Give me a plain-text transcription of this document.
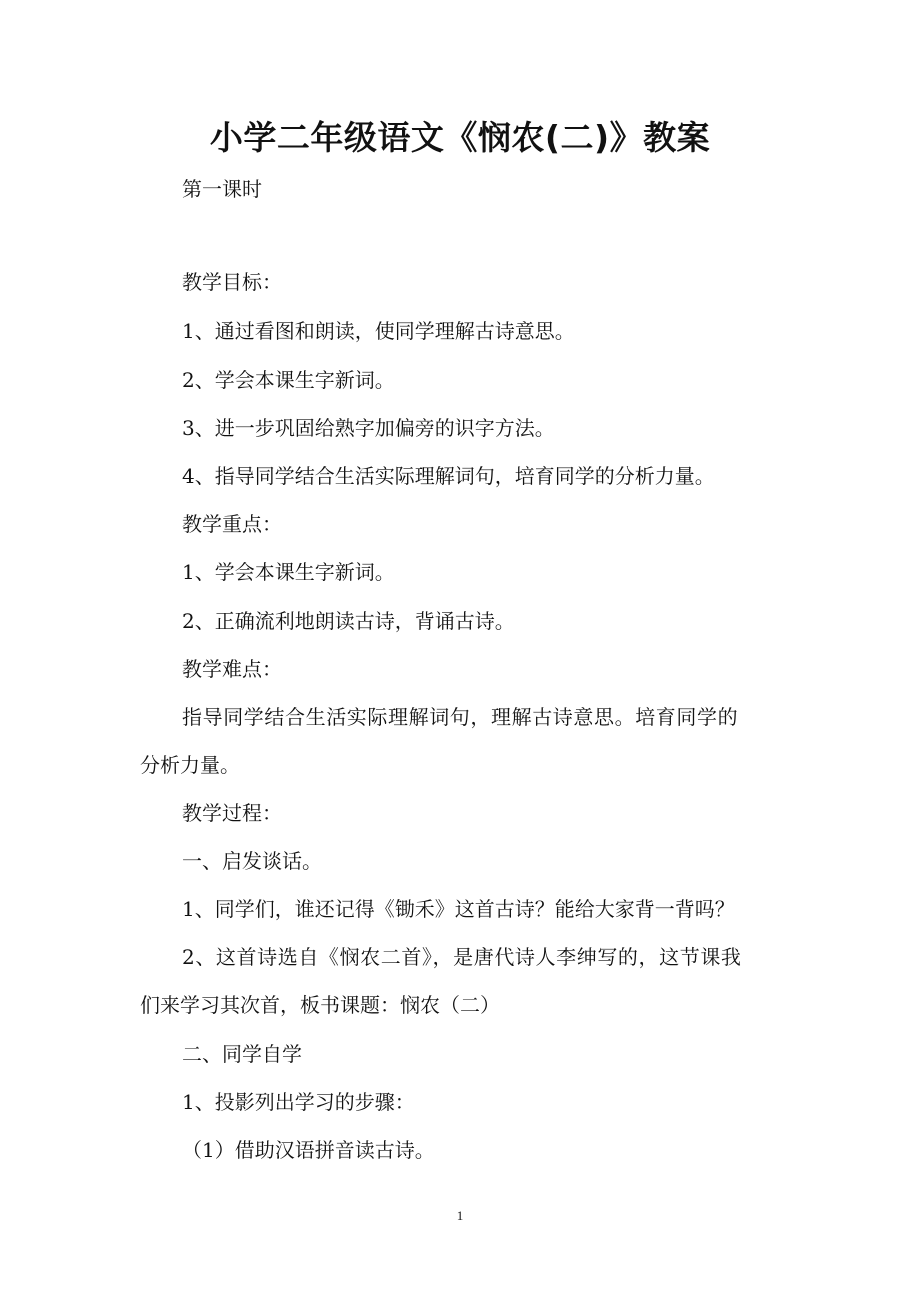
小学二年级语文《悯农(二)》教案
第一课时
教学目标：
1、通过看图和朗读，使同学理解古诗意思。
2、学会本课生字新词。
3、进一步巩固给熟字加偏旁的识字方法。
4、指导同学结合生活实际理解词句，培育同学的分析力量。
教学重点：
1、学会本课生字新词。
2、正确流利地朗读古诗，背诵古诗。
教学难点：
指导同学结合生活实际理解词句，理解古诗意思。培育同学的
分析力量。
教学过程：
一、启发谈话。
1、同学们，谁还记得《锄禾》这首古诗？能给大家背一背吗？
2、这首诗选自《悯农二首》，是唐代诗人李绅写的，这节课我
们来学习其次首，板书课题：悯农（二）
二、同学自学
1、投影列出学习的步骤：
（1）借助汉语拼音读古诗。
1
